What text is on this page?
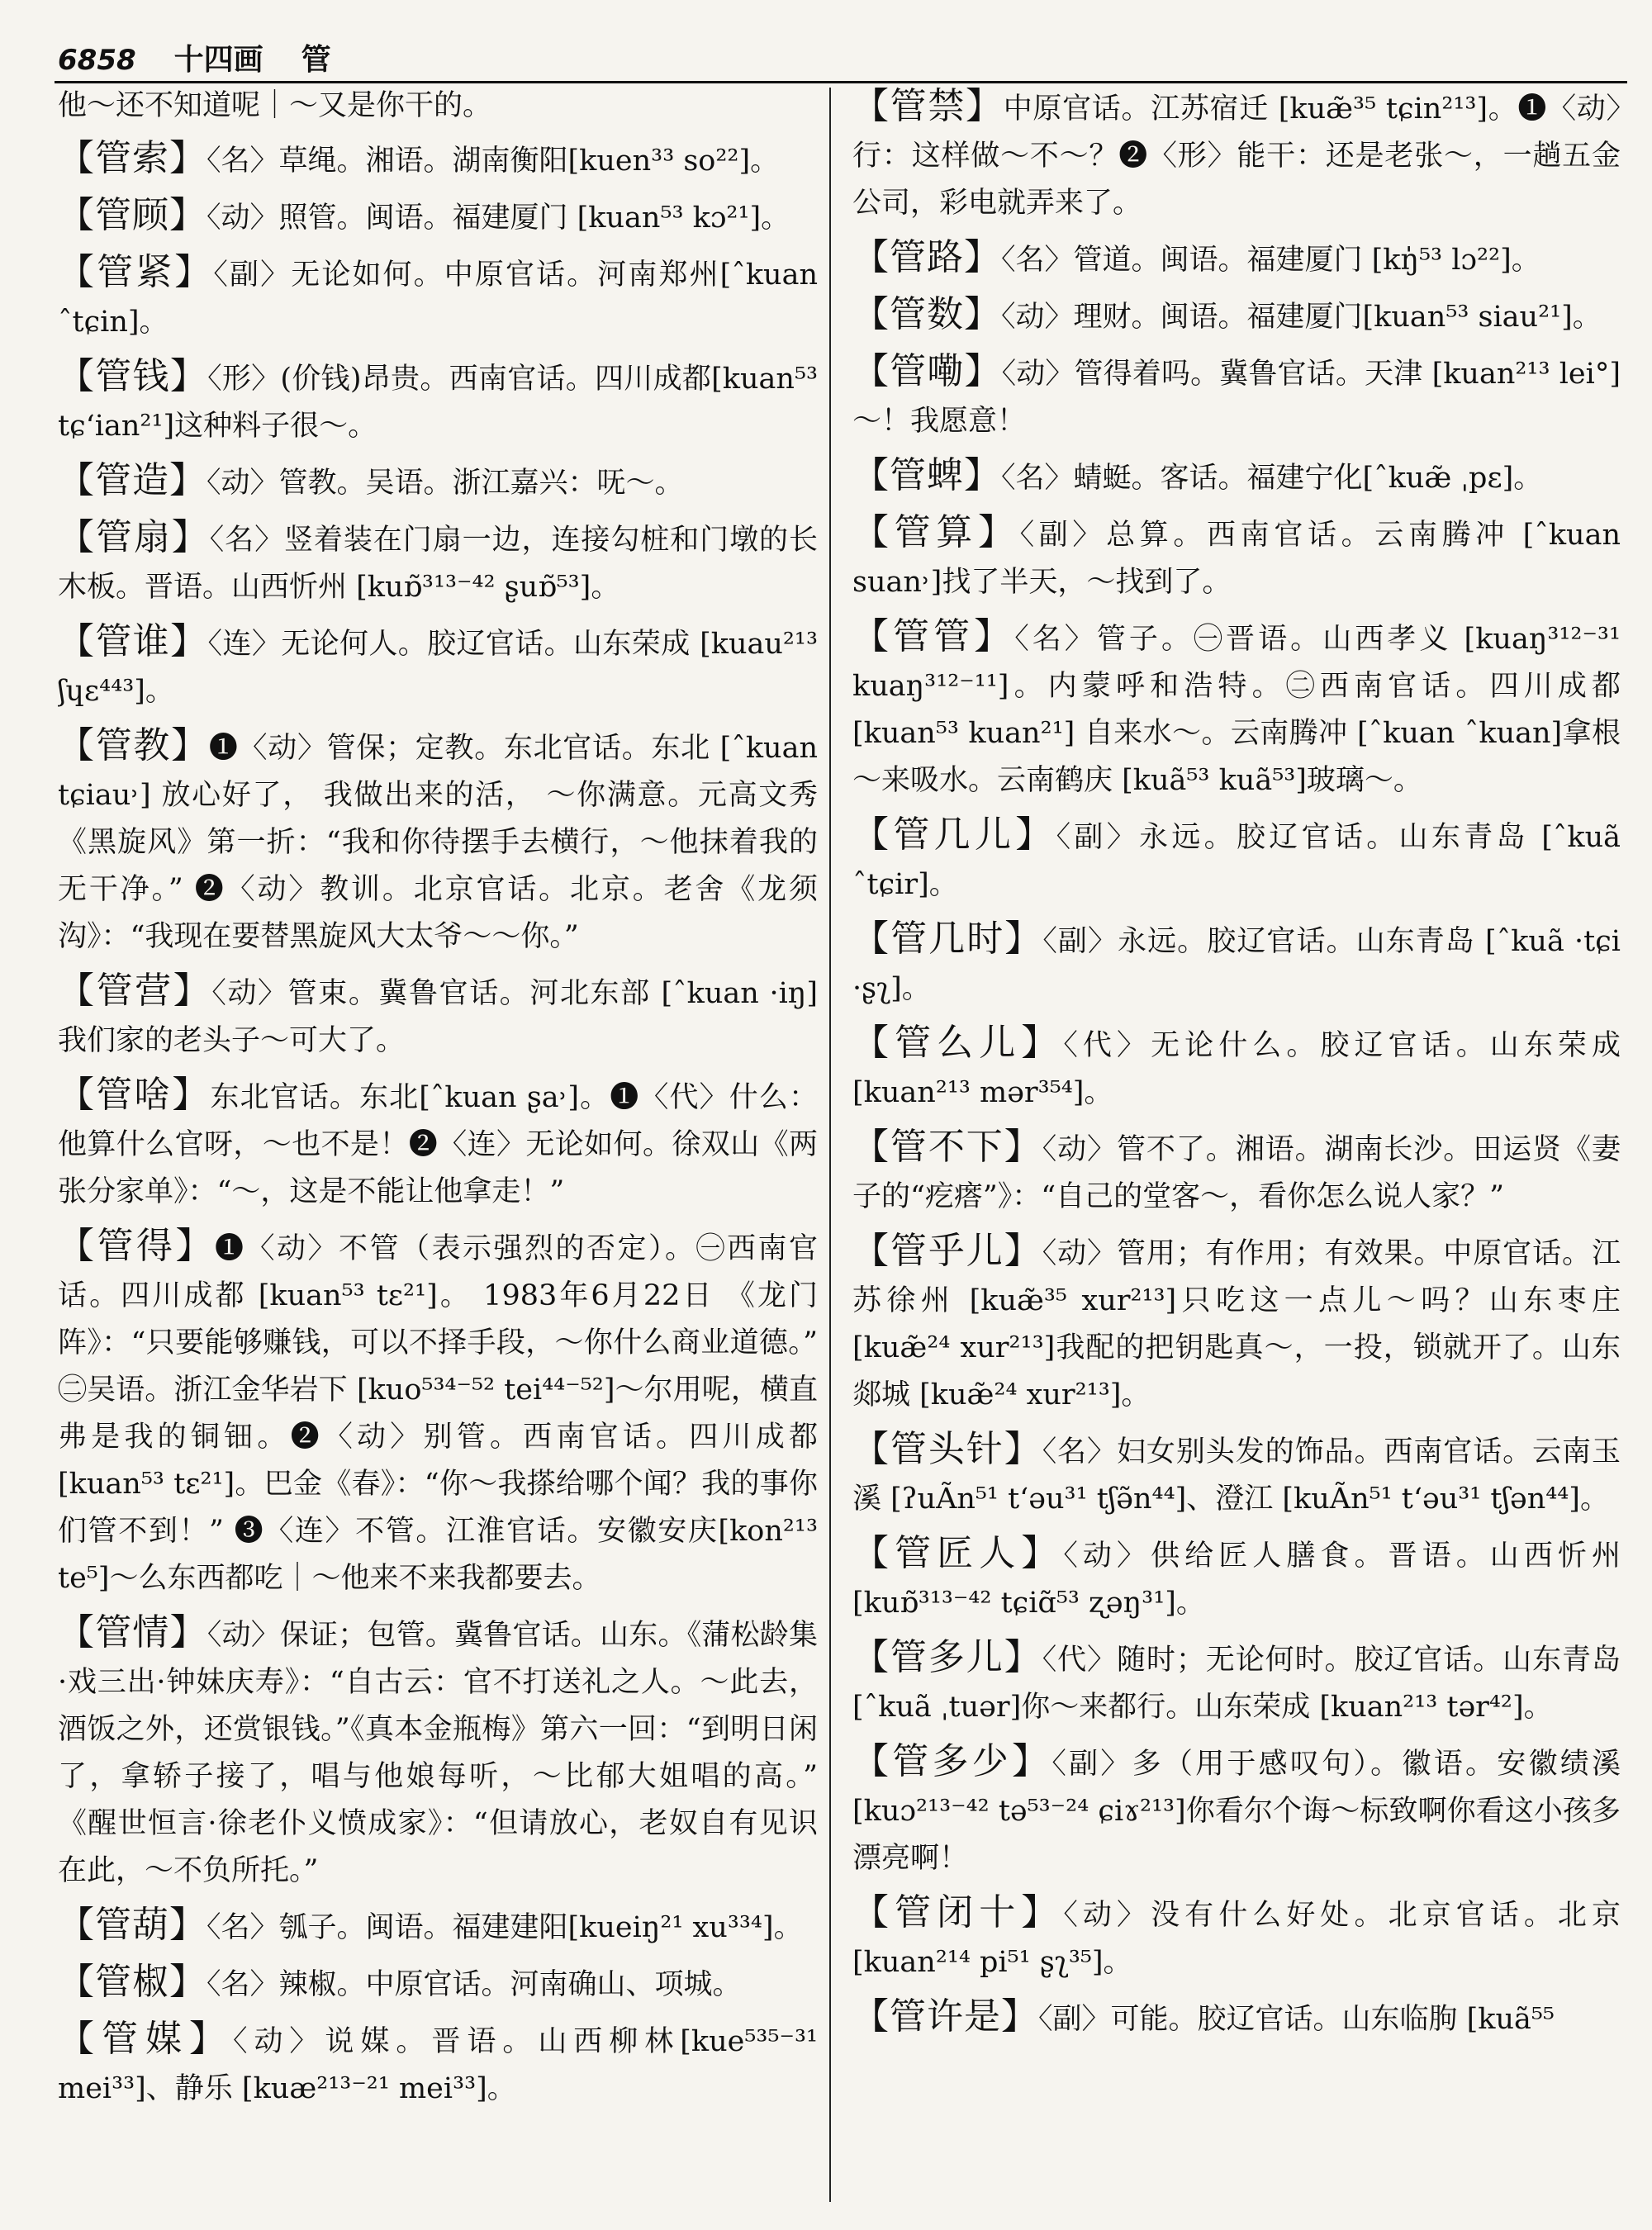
6858 十四画 管
他～还不知道呢｜～又是你干的。
【管索】〈名〉草绳。湘语。湖南衡阳[kuen³³ so²²]。
【管顾】〈动〉照管。闽语。福建厦门 [kuan⁵³ kɔ²¹]。
【管紧】〈副〉无论如何。中原官话。河南郑州[ˆkuan ˆtɕin]。
【管钱】〈形〉(价钱)昂贵。西南官话。四川成都[kuan⁵³ tɕʻian²¹]这种料子很～。
【管造】〈动〉管教。吴语。浙江嘉兴：呒～。
【管扇】〈名〉竖着装在门扇一边，连接勾桩和门墩的长木板。晋语。山西忻州 [kuɒ̃³¹³⁻⁴² ʂuɒ̃⁵³]。
【管谁】〈连〉无论何人。胶辽官话。山东荣成 [kuau²¹³ ʃɥɛ⁴⁴³]。
【管教】❶〈动〉管保；定教。东北官话。东北 [ˆkuan tɕiau˒] 放心好了， 我做出来的活， ～你满意。元高文秀《黑旋风》第一折：“我和你待摆手去横行，～他抹着我的无干净。” ❷〈动〉教训。北京官话。北京。老舍《龙须沟》：“我现在要替黑旋风大太爷～～你。”
【管营】〈动〉管束。冀鲁官话。河北东部 [ˆkuan ·iŋ]我们家的老头子～可大了。
【管啥】东北官话。东北[ˆkuan ʂa˒]。❶〈代〉什么：他算什么官呀，～也不是！❷〈连〉无论如何。徐双山《两张分家单》：“～，这是不能让他拿走！”
【管得】❶〈动〉不管（表示强烈的否定）。㊀西南官话。四川成都 [kuan⁵³ tɛ²¹]。 1983年6月22日 《龙门阵》：“只要能够赚钱，可以不择手段，～你什么商业道德。” ㊁吴语。浙江金华岩下 [kuo⁵³⁴⁻⁵² tei⁴⁴⁻⁵²]～尔用呢，横直弗是我的铜钿。❷〈动〉别管。西南官话。四川成都 [kuan⁵³ tɛ²¹]。巴金《春》：“你～我搽给哪个闻？我的事你们管不到！” ❸〈连〉不管。江淮官话。安徽安庆[kon²¹³ te⁵]～么东西都吃｜～他来不来我都要去。
【管情】〈动〉保证；包管。冀鲁官话。山东。《蒲松龄集·戏三出·钟妹庆寿》：“自古云：官不打送礼之人。～此去，酒饭之外，还赏银钱。”《真本金瓶梅》第六一回：“到明日闲了，拿轿子接了，唱与他娘每听，～比郁大姐唱的高。” 《醒世恒言·徐老仆义愤成家》：“但请放心，老奴自有见识在此，～不负所托。”
【管葫】〈名〉瓠子。闽语。福建建阳[kueiŋ²¹ xu³³⁴]。
【管椒】〈名〉辣椒。中原官话。河南确山、项城。
【管媒】〈动〉说媒。晋语。山西柳林[kue⁵³⁵⁻³¹ mei³³]、静乐 [kuæ²¹³⁻²¹ mei³³]。
【管禁】中原官话。江苏宿迁 [kuæ̃³⁵ tɕin²¹³]。❶〈动〉行：这样做～不～？❷〈形〉能干：还是老张～，一趟五金公司，彩电就弄来了。
【管路】〈名〉管道。闽语。福建厦门 [kŋ̍⁵³ lɔ²²]。
【管数】〈动〉理财。闽语。福建厦门[kuan⁵³ siau²¹]。
【管嘞】〈动〉管得着吗。冀鲁官话。天津 [kuan²¹³ lei°]～！我愿意！
【管蜱】〈名〉蜻蜓。客话。福建宁化[ˆkuæ̃ ˌpɛ]。
【管算】〈副〉总算。西南官话。云南腾冲 [ˆkuan suan˒]找了半天，～找到了。
【管管】〈名〉管子。㊀晋语。山西孝义 [kuaŋ³¹²⁻³¹ kuaŋ³¹²⁻¹¹]。内蒙呼和浩特。㊁西南官话。四川成都 [kuan⁵³ kuan²¹] 自来水～。云南腾冲 [ˆkuan ˆkuan]拿根～来吸水。云南鹤庆 [kuã⁵³ kuã⁵³]玻璃～。
【管几儿】〈副〉永远。胶辽官话。山东青岛 [ˆkuã ˆtɕir]。
【管几时】〈副〉永远。胶辽官话。山东青岛 [ˆkuã ·tɕi ·ʂʅ]。
【管么儿】〈代〉无论什么。胶辽官话。山东荣成 [kuan²¹³ mər³⁵⁴]。
【管不下】〈动〉管不了。湘语。湖南长沙。田运贤《妻子的“疙瘩”》：“自己的堂客～，看你怎么说人家？”
【管乎儿】〈动〉管用；有作用；有效果。中原官话。江苏徐州 [kuæ̃³⁵ xur²¹³]只吃这一点儿～吗？山东枣庄 [kuæ̃²⁴ xur²¹³]我配的把钥匙真～，一投，锁就开了。山东郯城 [kuæ̃²⁴ xur²¹³]。
【管头针】〈名〉妇女别头发的饰品。西南官话。云南玉溪 [ʔuÃn⁵¹ tʻəu³¹ tʃə̃n⁴⁴]、澄江 [kuÃn⁵¹ tʻəu³¹ tʃən⁴⁴]。
【管匠人】〈动〉供给匠人膳食。晋语。山西忻州 [kuɒ̃³¹³⁻⁴² tɕiɑ̃⁵³ ʐəŋ³¹]。
【管多儿】〈代〉随时；无论何时。胶辽官话。山东青岛 [ˆkuã ˌtuər]你～来都行。山东荣成 [kuan²¹³ tər⁴²]。
【管多少】〈副〉多（用于感叹句）。徽语。安徽绩溪 [kuɔ²¹³⁻⁴² tə⁵³⁻²⁴ ɕiɤ²¹³]你看尔个诲～标致啊你看这小孩多漂亮啊！
【管闭十】〈动〉没有什么好处。北京官话。北京 [kuan²¹⁴ pi⁵¹ ʂʅ³⁵]。
【管许是】〈副〉可能。胶辽官话。山东临朐 [kuã⁵⁵
